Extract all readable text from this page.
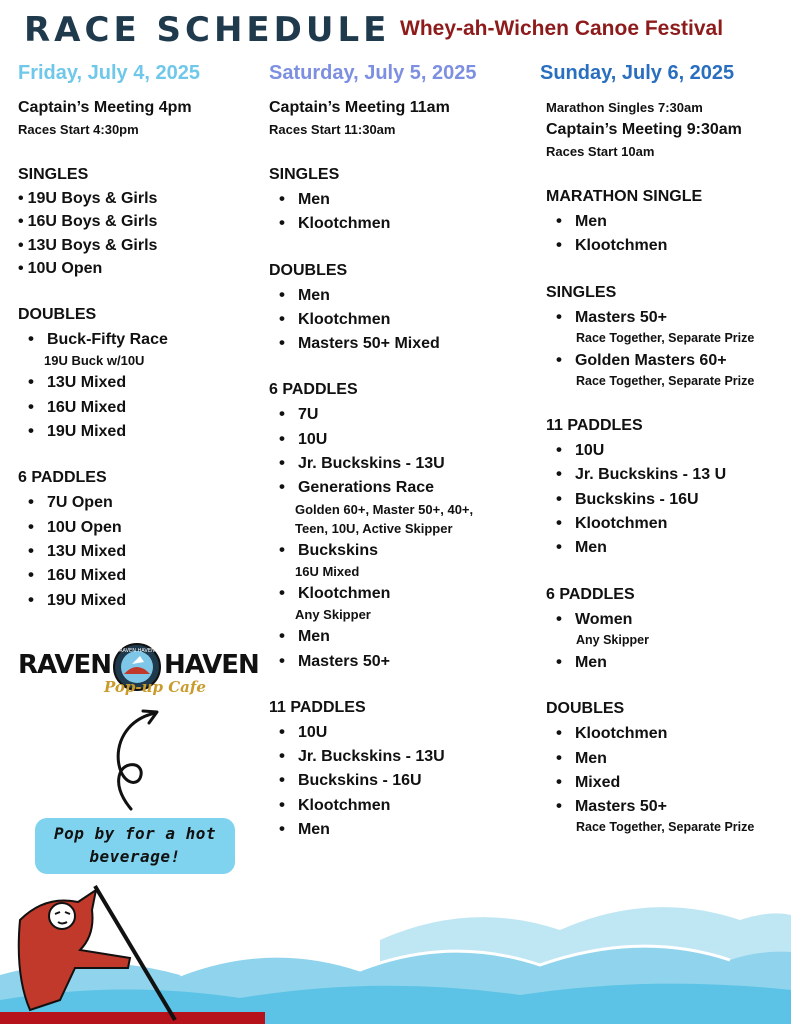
RACE SCHEDULE Whey-ah-Wichen Canoe Festival
Friday, July 4, 2025
Captain’s Meeting 4pm
Races Start 4:30pm
SINGLES
• 19U Boys & Girls
• 16U Boys & Girls
• 13U Boys & Girls
• 10U Open
DOUBLES
• Buck-Fifty Race
19U Buck w/10U
• 13U Mixed
• 16U Mixed
• 19U Mixed
6 PADDLES
• 7U Open
• 10U Open
• 13U Mixed
• 16U Mixed
• 19U Mixed
Saturday, July 5, 2025
Captain’s Meeting 11am
Races Start 11:30am
SINGLES
• Men
• Klootchmen
DOUBLES
• Men
• Klootchmen
• Masters 50+ Mixed
6 PADDLES
• 7U
• 10U
• Jr. Buckskins - 13U
• Generations Race
Golden 60+, Master 50+, 40+,
Teen, 10U, Active Skipper
• Buckskins
16U Mixed
• Klootchmen
Any Skipper
• Men
• Masters 50+
11 PADDLES
• 10U
• Jr. Buckskins - 13U
• Buckskins - 16U
• Klootchmen
• Men
Sunday, July 6, 2025
Marathon Singles 7:30am
Captain’s Meeting 9:30am
Races Start 10am
MARATHON SINGLE
• Men
• Klootchmen
SINGLES
• Masters 50+
Race Together, Separate Prize
• Golden Masters 60+
Race Together, Separate Prize
11 PADDLES
• 10U
• Jr. Buckskins - 13 U
• Buckskins - 16U
• Klootchmen
• Men
6 PADDLES
• Women
Any Skipper
• Men
DOUBLES
• Klootchmen
• Men
• Mixed
• Masters 50+
Race Together, Separate Prize
RAVEN RAVEN HAVEN HAVEN
Pop-up Cafe
Pop by for a hot
beverage!
